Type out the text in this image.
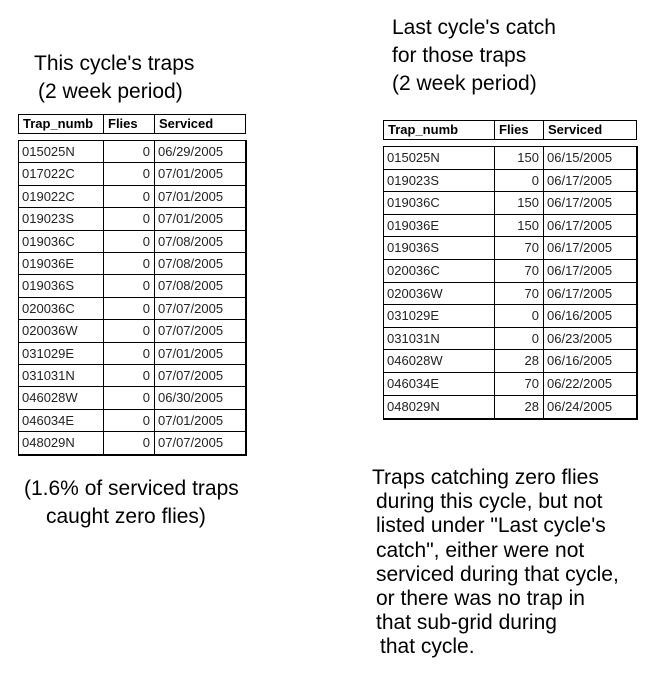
This cycle's traps
(2 week period)
Last cycle's catch
for those traps
(2 week period)
Trap_numb	Flies	Serviced
015025N	0 06/29/2005
017022C	0 07/01/2005
019022C	0 07/01/2005
019023S	0 07/01/2005
019036C	0 07/08/2005
019036E	0 07/08/2005
019036S	0 07/08/2005
020036C	0 07/07/2005
020036W	0 07/07/2005
031029E	0 07/01/2005
031031N	0 07/07/2005
046028W	0 06/30/2005
046034E	0 07/01/2005
048029N	0 07/07/2005
Trap_numb	Flies	Serviced
015025N	150 06/15/2005
019023S	0 06/17/2005
019036C	150 06/17/2005
019036E	150 06/17/2005
019036S	70 06/17/2005
020036C	70 06/17/2005
020036W	70 06/17/2005
031029E	0 06/16/2005
031031N	0 06/23/2005
046028W	28 06/16/2005
046034E	70 06/22/2005
048029N	28 06/24/2005
(1.6% of serviced traps
caught zero flies)
Traps catching zero flies
during this cycle, but not
listed under "Last cycle's
catch", either were not
serviced during that cycle,
or there was no trap in
that sub-grid during
that cycle.
